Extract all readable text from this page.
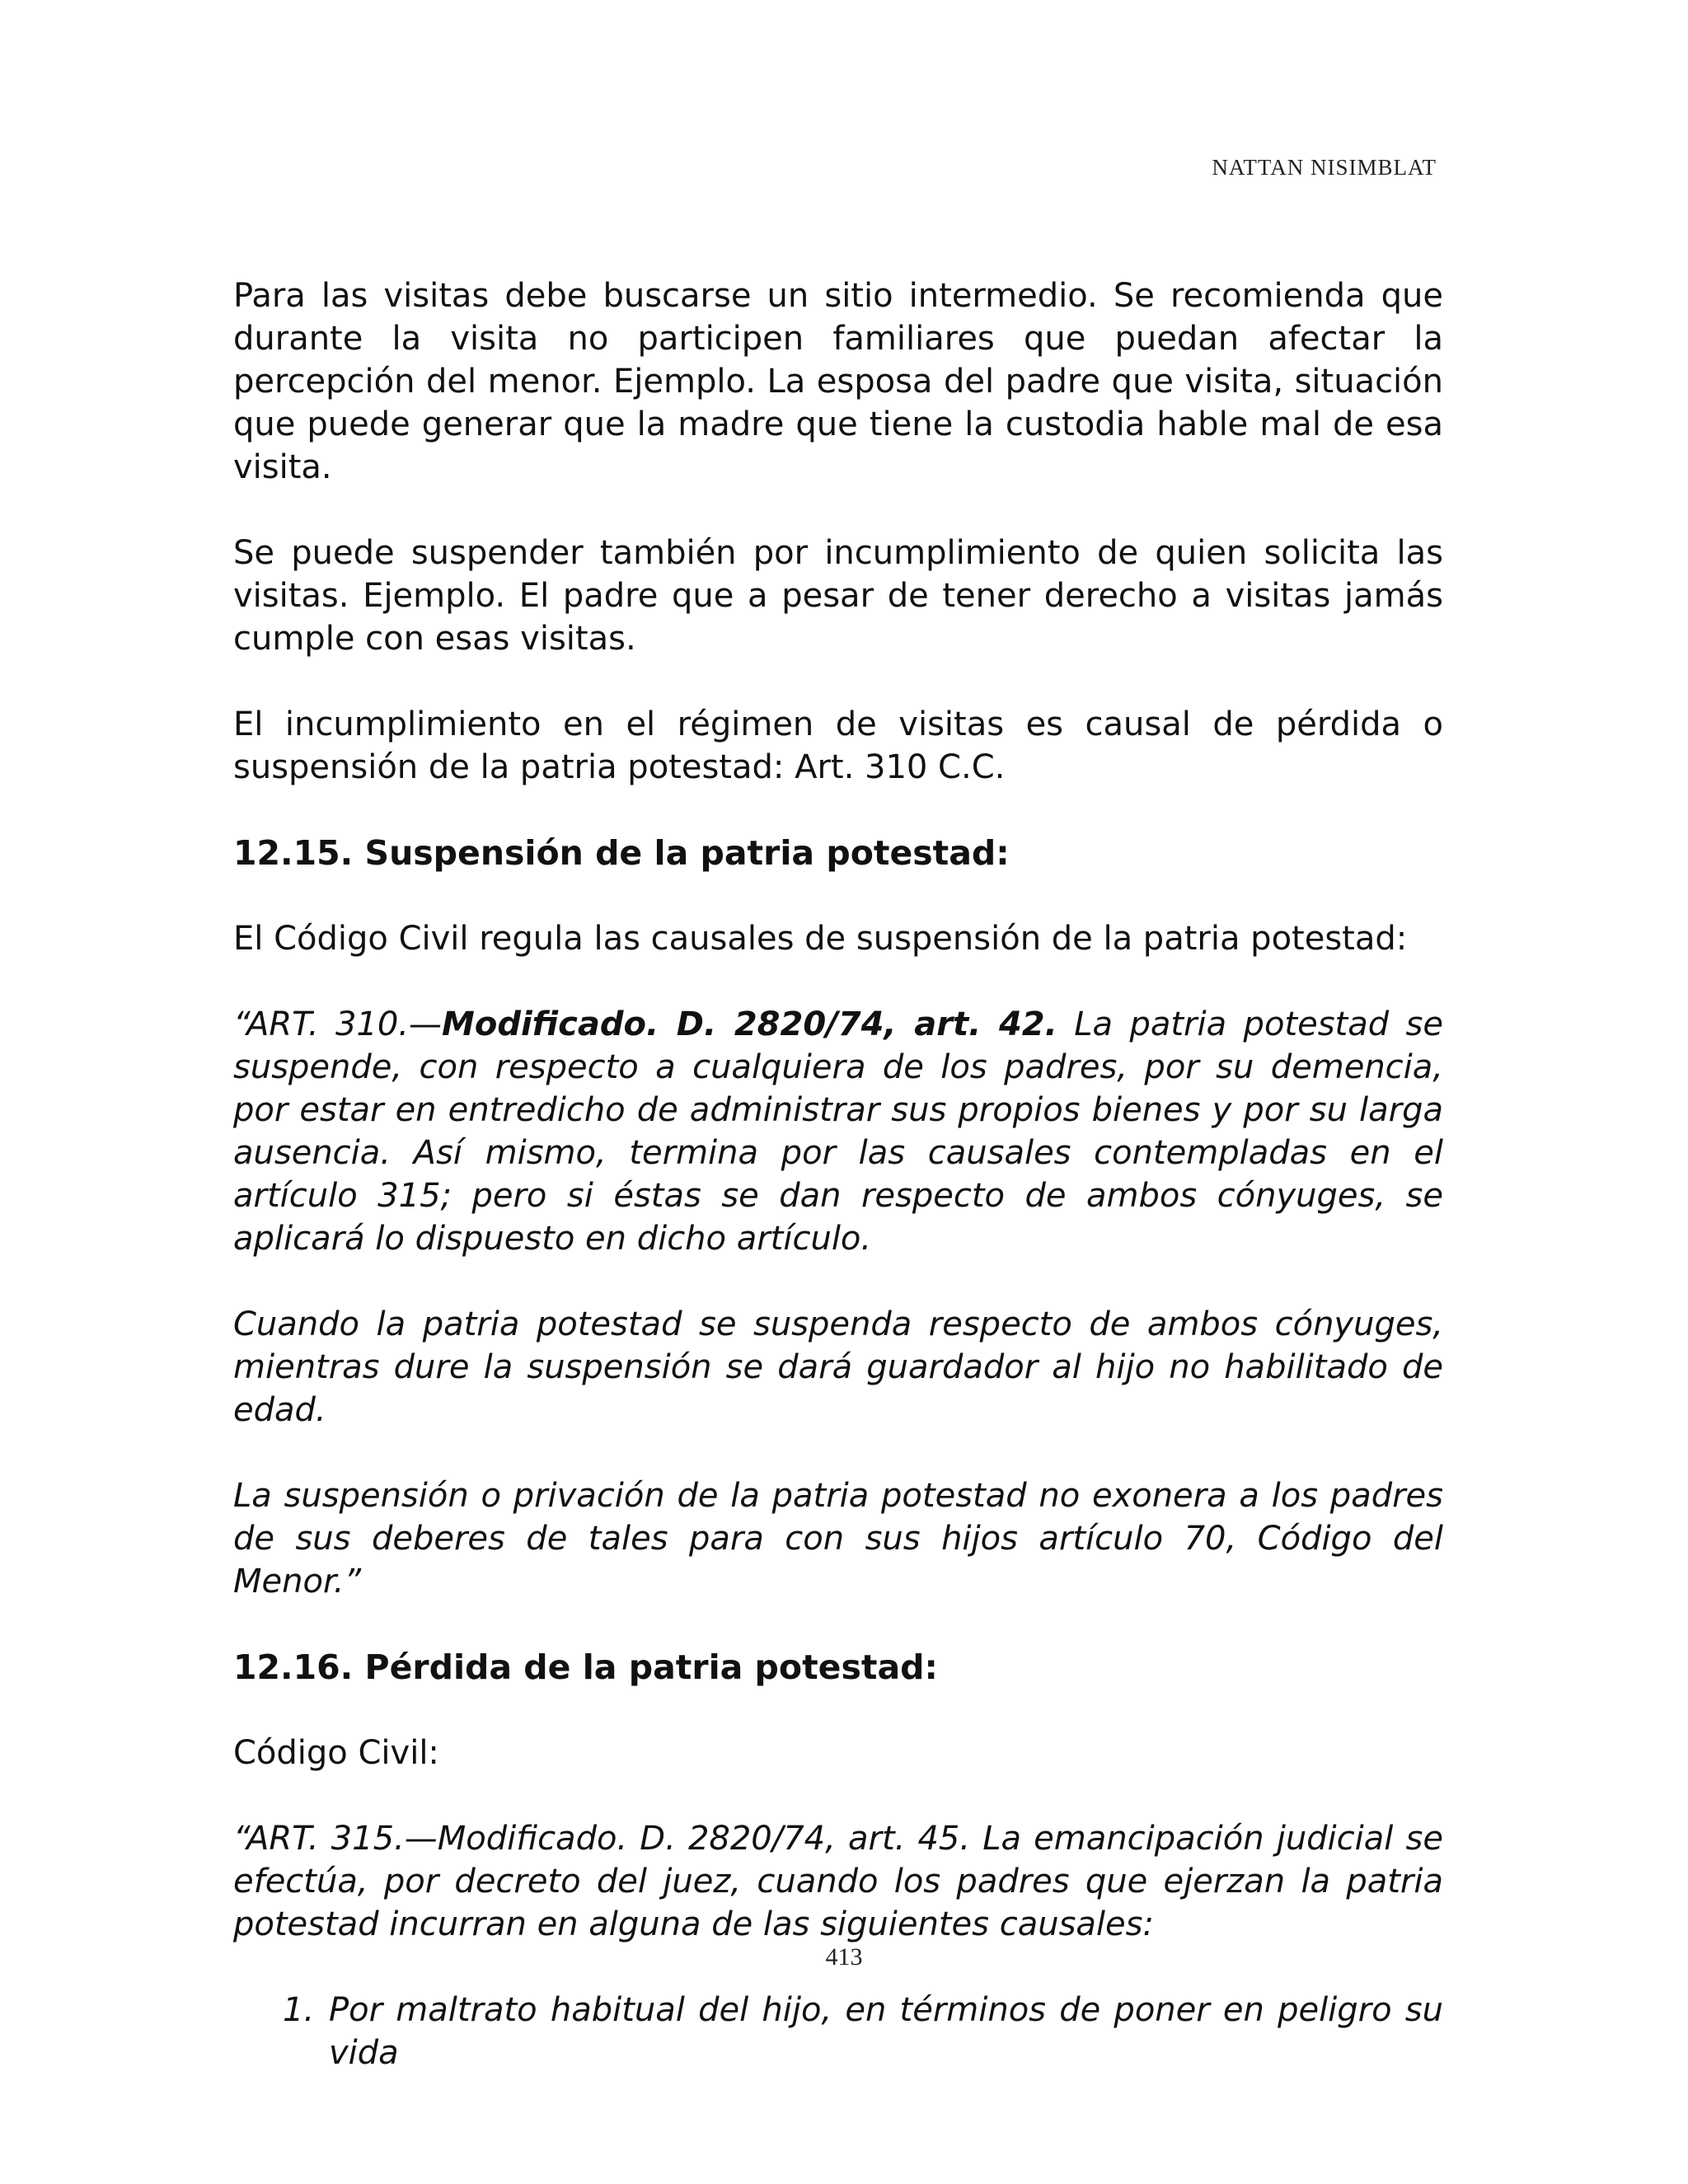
NATTAN NISIMBLAT

Para las visitas debe buscarse un sitio intermedio. Se recomienda que durante la visita no participen familiares que puedan afectar la percepción del menor. Ejemplo. La esposa del padre que visita, situación que puede generar que la madre que tiene la custodia hable mal de esa visita.

Se puede suspender también por incumplimiento de quien solicita las visitas. Ejemplo. El padre que a pesar de tener derecho a visitas jamás cumple con esas visitas.

El incumplimiento en el régimen de visitas es causal de pérdida o suspensión de la patria potestad: Art. 310 C.C.

12.15. Suspensión de la patria potestad:

El Código Civil regula las causales de suspensión de la patria potestad:

“ART. 310.—Modificado. D. 2820/74, art. 42. La patria potestad se suspende, con respecto a cualquiera de los padres, por su demencia, por estar en entredicho de administrar sus propios bienes y por su larga ausencia. Así mismo, termina por las causales contempladas en el artículo 315; pero si éstas se dan respecto de ambos cónyuges, se aplicará lo dispuesto en dicho artículo.

Cuando la patria potestad se suspenda respecto de ambos cónyuges, mientras dure la suspensión se dará guardador al hijo no habilitado de edad.

La suspensión o privación de la patria potestad no exonera a los padres de sus deberes de tales para con sus hijos artículo 70, Código del Menor.”

12.16. Pérdida de la patria potestad:

Código Civil:

“ART. 315.—Modificado. D. 2820/74, art. 45. La emancipación judicial se efectúa, por decreto del juez, cuando los padres que ejerzan la patria potestad incurran en alguna de las siguientes causales:

1. Por maltrato habitual del hijo, en términos de poner en peligro su vida
413
